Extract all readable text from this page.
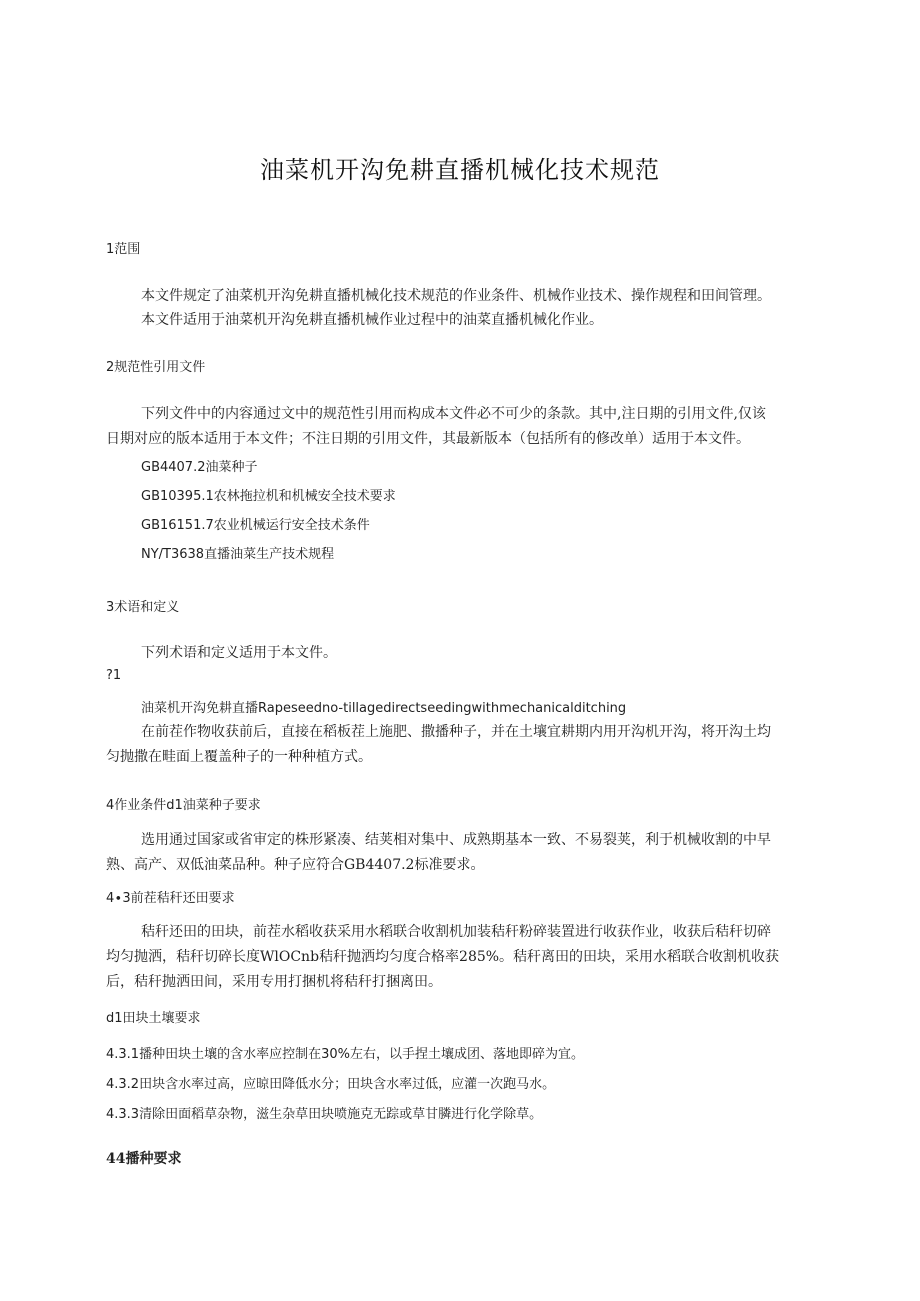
油菜机开沟免耕直播机械化技术规范
1范围
本文件规定了油菜机开沟免耕直播机械化技术规范的作业条件、机械作业技术、操作规程和田间管理。
本文件适用于油菜机开沟免耕直播机械作业过程中的油菜直播机械化作业。
2规范性引用文件
下列文件中的内容通过文中的规范性引用而构成本文件必不可少的条款。其中,注日期的引用文件,仅该
日期对应的版本适用于本文件；不注日期的引用文件，其最新版本（包括所有的修改单）适用于本文件。
GB4407.2油菜种子
GB10395.1农林拖拉机和机械安全技术要求
GB16151.7农业机械运行安全技术条件
NY/T3638直播油菜生产技术规程
3术语和定义
下列术语和定义适用于本文件。
?1
油菜机开沟免耕直播Rapeseedno-tillagedirectseedingwithmechanicalditching
在前茬作物收获前后，直接在稻板茬上施肥、撒播种子，并在土壤宜耕期内用开沟机开沟，将开沟土均
匀抛撒在畦面上覆盖种子的一种种植方式。
4作业条件d1油菜种子要求
选用通过国家或省审定的株形紧凑、结荚相对集中、成熟期基本一致、不易裂荚，利于机械收割的中早
熟、高产、双低油菜品种。种子应符合GB4407.2标准要求。
4∙3前茬秸秆还田要求
秸秆还田的田块，前茬水稻收获采用水稻联合收割机加装秸秆粉碎装置进行收获作业，收获后秸秆切碎
均匀抛洒，秸秆切碎长度WlOCnb秸秆抛洒均匀度合格率285%。秸秆离田的田块，采用水稻联合收割机收获
后，秸秆抛洒田间，采用专用打捆机将秸秆打捆离田。
d1田块土壤要求
4.3.1播种田块土壤的含水率应控制在30%左右，以手捏土壤成团、落地即碎为宜。
4.3.2田块含水率过高，应晾田降低水分；田块含水率过低，应灌一次跑马水。
4.3.3清除田面稻草杂物，滋生杂草田块喷施克无踪或草甘膦进行化学除草。
44播种要求
